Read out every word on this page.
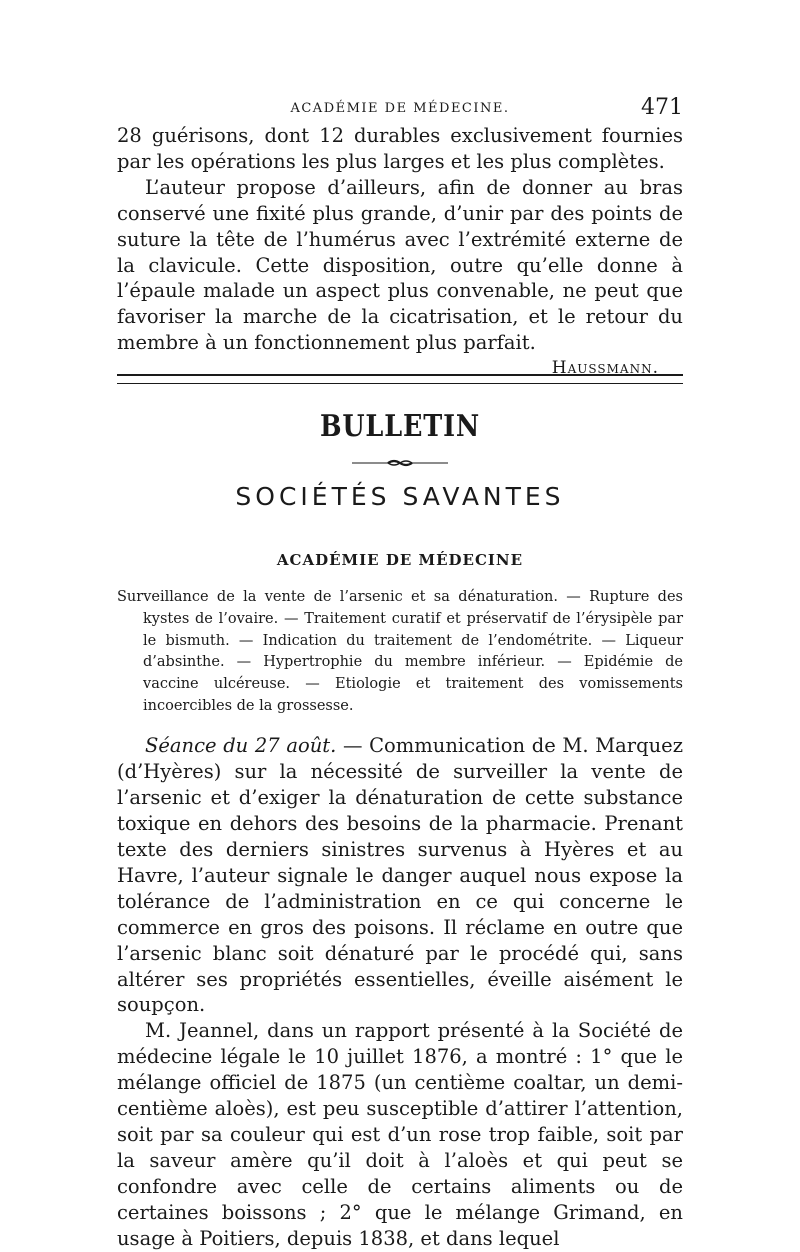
ACADÉMIE DE MÉDECINE.	471

28 guérisons, dont 12 durables exclusivement fournies par les opérations les plus larges et les plus complètes.

L’auteur propose d’ailleurs, afin de donner au bras conservé une fixité plus grande, d’unir par des points de suture la tête de l’humérus avec l’extrémité externe de la clavicule. Cette disposition, outre qu’elle donne à l’épaule malade un aspect plus convenable, ne peut que favoriser la marche de la cicatrisation, et le retour du membre à un fonctionnement plus parfait.
Haussmann.

BULLETIN
SOCIÉTÉS SAVANTES
ACADÉMIE DE MÉDECINE
Surveillance de la vente de l’arsenic et sa dénaturation. — Rupture des kystes de l’ovaire. — Traitement curatif et préservatif de l’érysipèle par le bismuth. — Indication du traitement de l’endométrite. — Liqueur d’absinthe. — Hypertrophie du membre inférieur. — Epidémie de vaccine ulcéreuse. — Etiologie et traitement des vomissements incoercibles de la grossesse.

Séance du 27 août. — Communication de M. Marquez (d’Hyères) sur la nécessité de surveiller la vente de l’arsenic et d’exiger la dénaturation de cette substance toxique en dehors des besoins de la pharmacie. Prenant texte des derniers sinistres survenus à Hyères et au Havre, l’auteur signale le danger auquel nous expose la tolérance de l’administration en ce qui concerne le commerce en gros des poisons. Il réclame en outre que l’arsenic blanc soit dénaturé par le procédé qui, sans altérer ses propriétés essentielles, éveille aisément le soupçon.

M. Jeannel, dans un rapport présenté à la Société de médecine légale le 10 juillet 1876, a montré : 1° que le mélange officiel de 1875 (un centième coaltar, un demi-centième aloès), est peu susceptible d’attirer l’attention, soit par sa couleur qui est d’un rose trop faible, soit par la saveur amère qu’il doit à l’aloès et qui peut se confondre avec celle de certains aliments ou de certaines boissons ; 2° que le mélange Grimand, en usage à Poitiers, depuis 1838, et dans lequel
